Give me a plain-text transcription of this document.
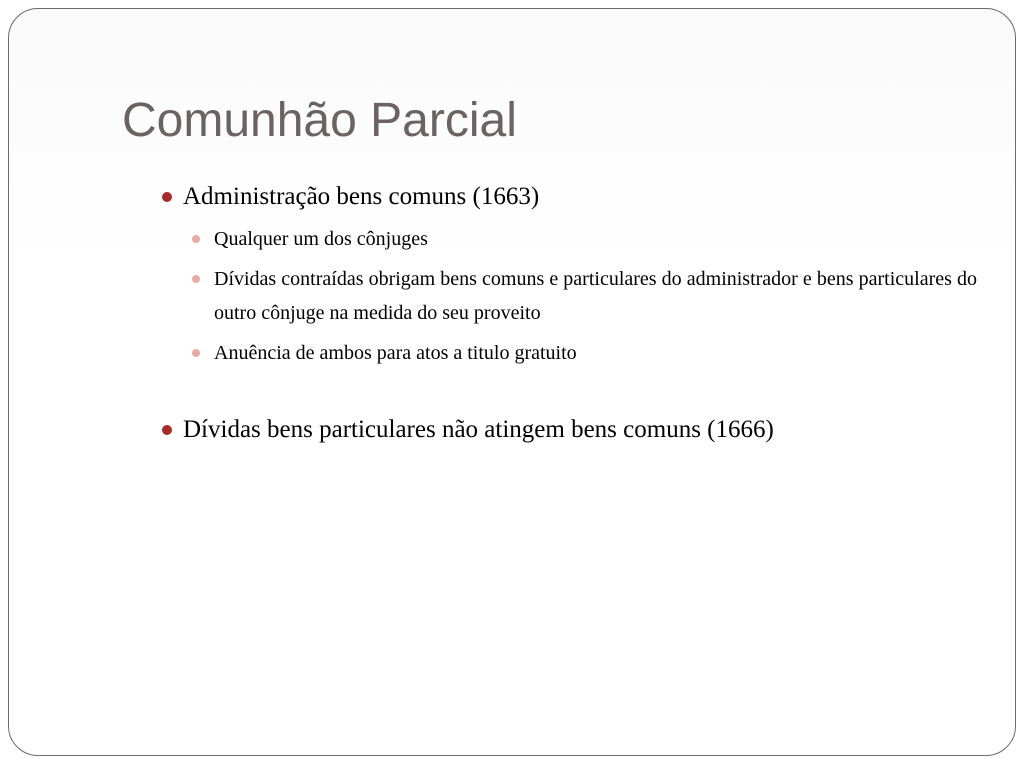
Comunhão Parcial
Administração bens comuns (1663)
Qualquer um dos cônjuges
Dívidas contraídas obrigam bens comuns e particulares do administrador e bens particulares do outro cônjuge na medida do seu proveito
Anuência de ambos para atos a titulo gratuito
Dívidas bens particulares não atingem bens comuns (1666)
